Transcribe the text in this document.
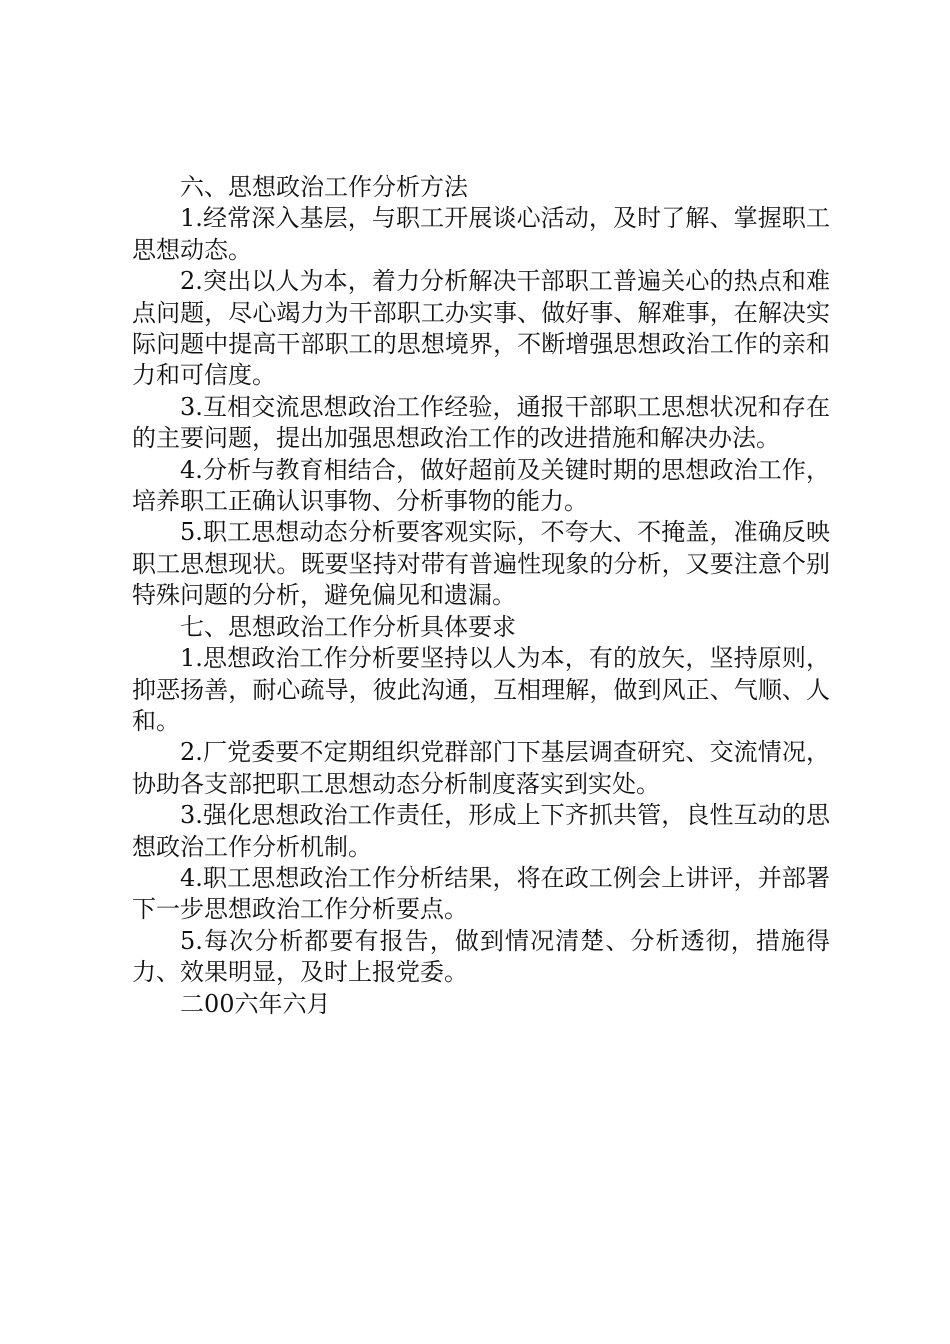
六、思想政治工作分析方法

1.经常深入基层，与职工开展谈心活动，及时了解、掌握职工思想动态。

2.突出以人为本，着力分析解决干部职工普遍关心的热点和难点问题，尽心竭力为干部职工办实事、做好事、解难事，在解决实际问题中提高干部职工的思想境界，不断增强思想政治工作的亲和力和可信度。

3.互相交流思想政治工作经验，通报干部职工思想状况和存在的主要问题，提出加强思想政治工作的改进措施和解决办法。

4.分析与教育相结合，做好超前及关键时期的思想政治工作，培养职工正确认识事物、分析事物的能力。

5.职工思想动态分析要客观实际，不夸大、不掩盖，准确反映职工思想现状。既要坚持对带有普遍性现象的分析，又要注意个别特殊问题的分析，避免偏见和遗漏。

七、思想政治工作分析具体要求

1.思想政治工作分析要坚持以人为本，有的放矢，坚持原则，抑恶扬善，耐心疏导，彼此沟通，互相理解，做到风正、气顺、人和。

2.厂党委要不定期组织党群部门下基层调查研究、交流情况，协助各支部把职工思想动态分析制度落实到实处。

3.强化思想政治工作责任，形成上下齐抓共管，良性互动的思想政治工作分析机制。

4.职工思想政治工作分析结果，将在政工例会上讲评，并部署下一步思想政治工作分析要点。

5.每次分析都要有报告，做到情况清楚、分析透彻，措施得力、效果明显，及时上报党委。

二00六年六月
